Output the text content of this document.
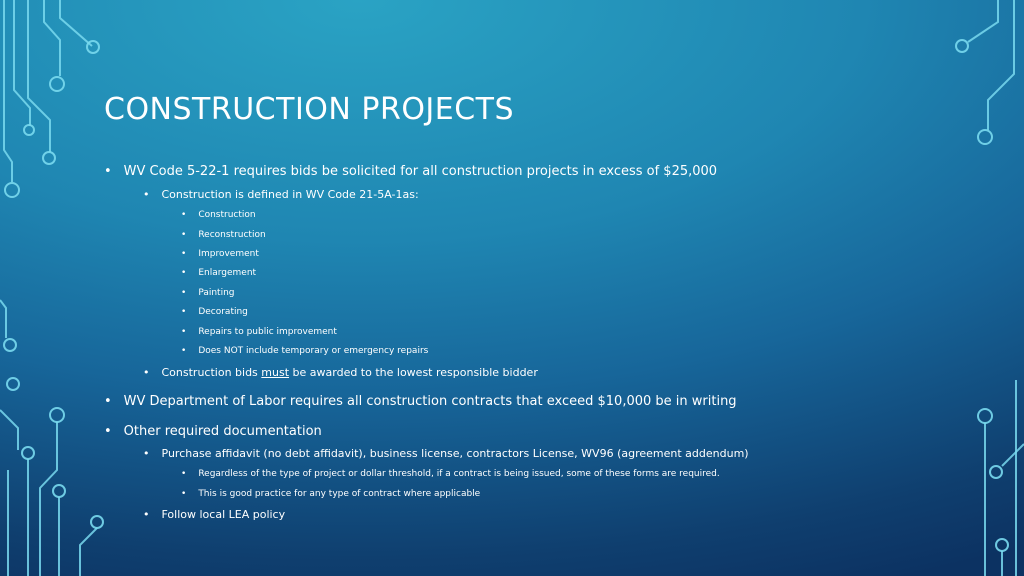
CONSTRUCTION PROJECTS
• WV Code 5-22-1 requires bids be solicited for all construction projects in excess of $25,000
• Construction is defined in WV Code 21-5A-1as:
• Construction
• Reconstruction
• Improvement
• Enlargement
• Painting
• Decorating
• Repairs to public improvement
• Does NOT include temporary or emergency repairs
• Construction bids must be awarded to the lowest responsible bidder
• WV Department of Labor requires all construction contracts that exceed $10,000 be in writing
• Other required documentation
• Purchase affidavit (no debt affidavit), business license, contractors License, WV96 (agreement addendum)
• Regardless of the type of project or dollar threshold, if a contract is being issued, some of these forms are required.
• This is good practice for any type of contract where applicable
• Follow local LEA policy
